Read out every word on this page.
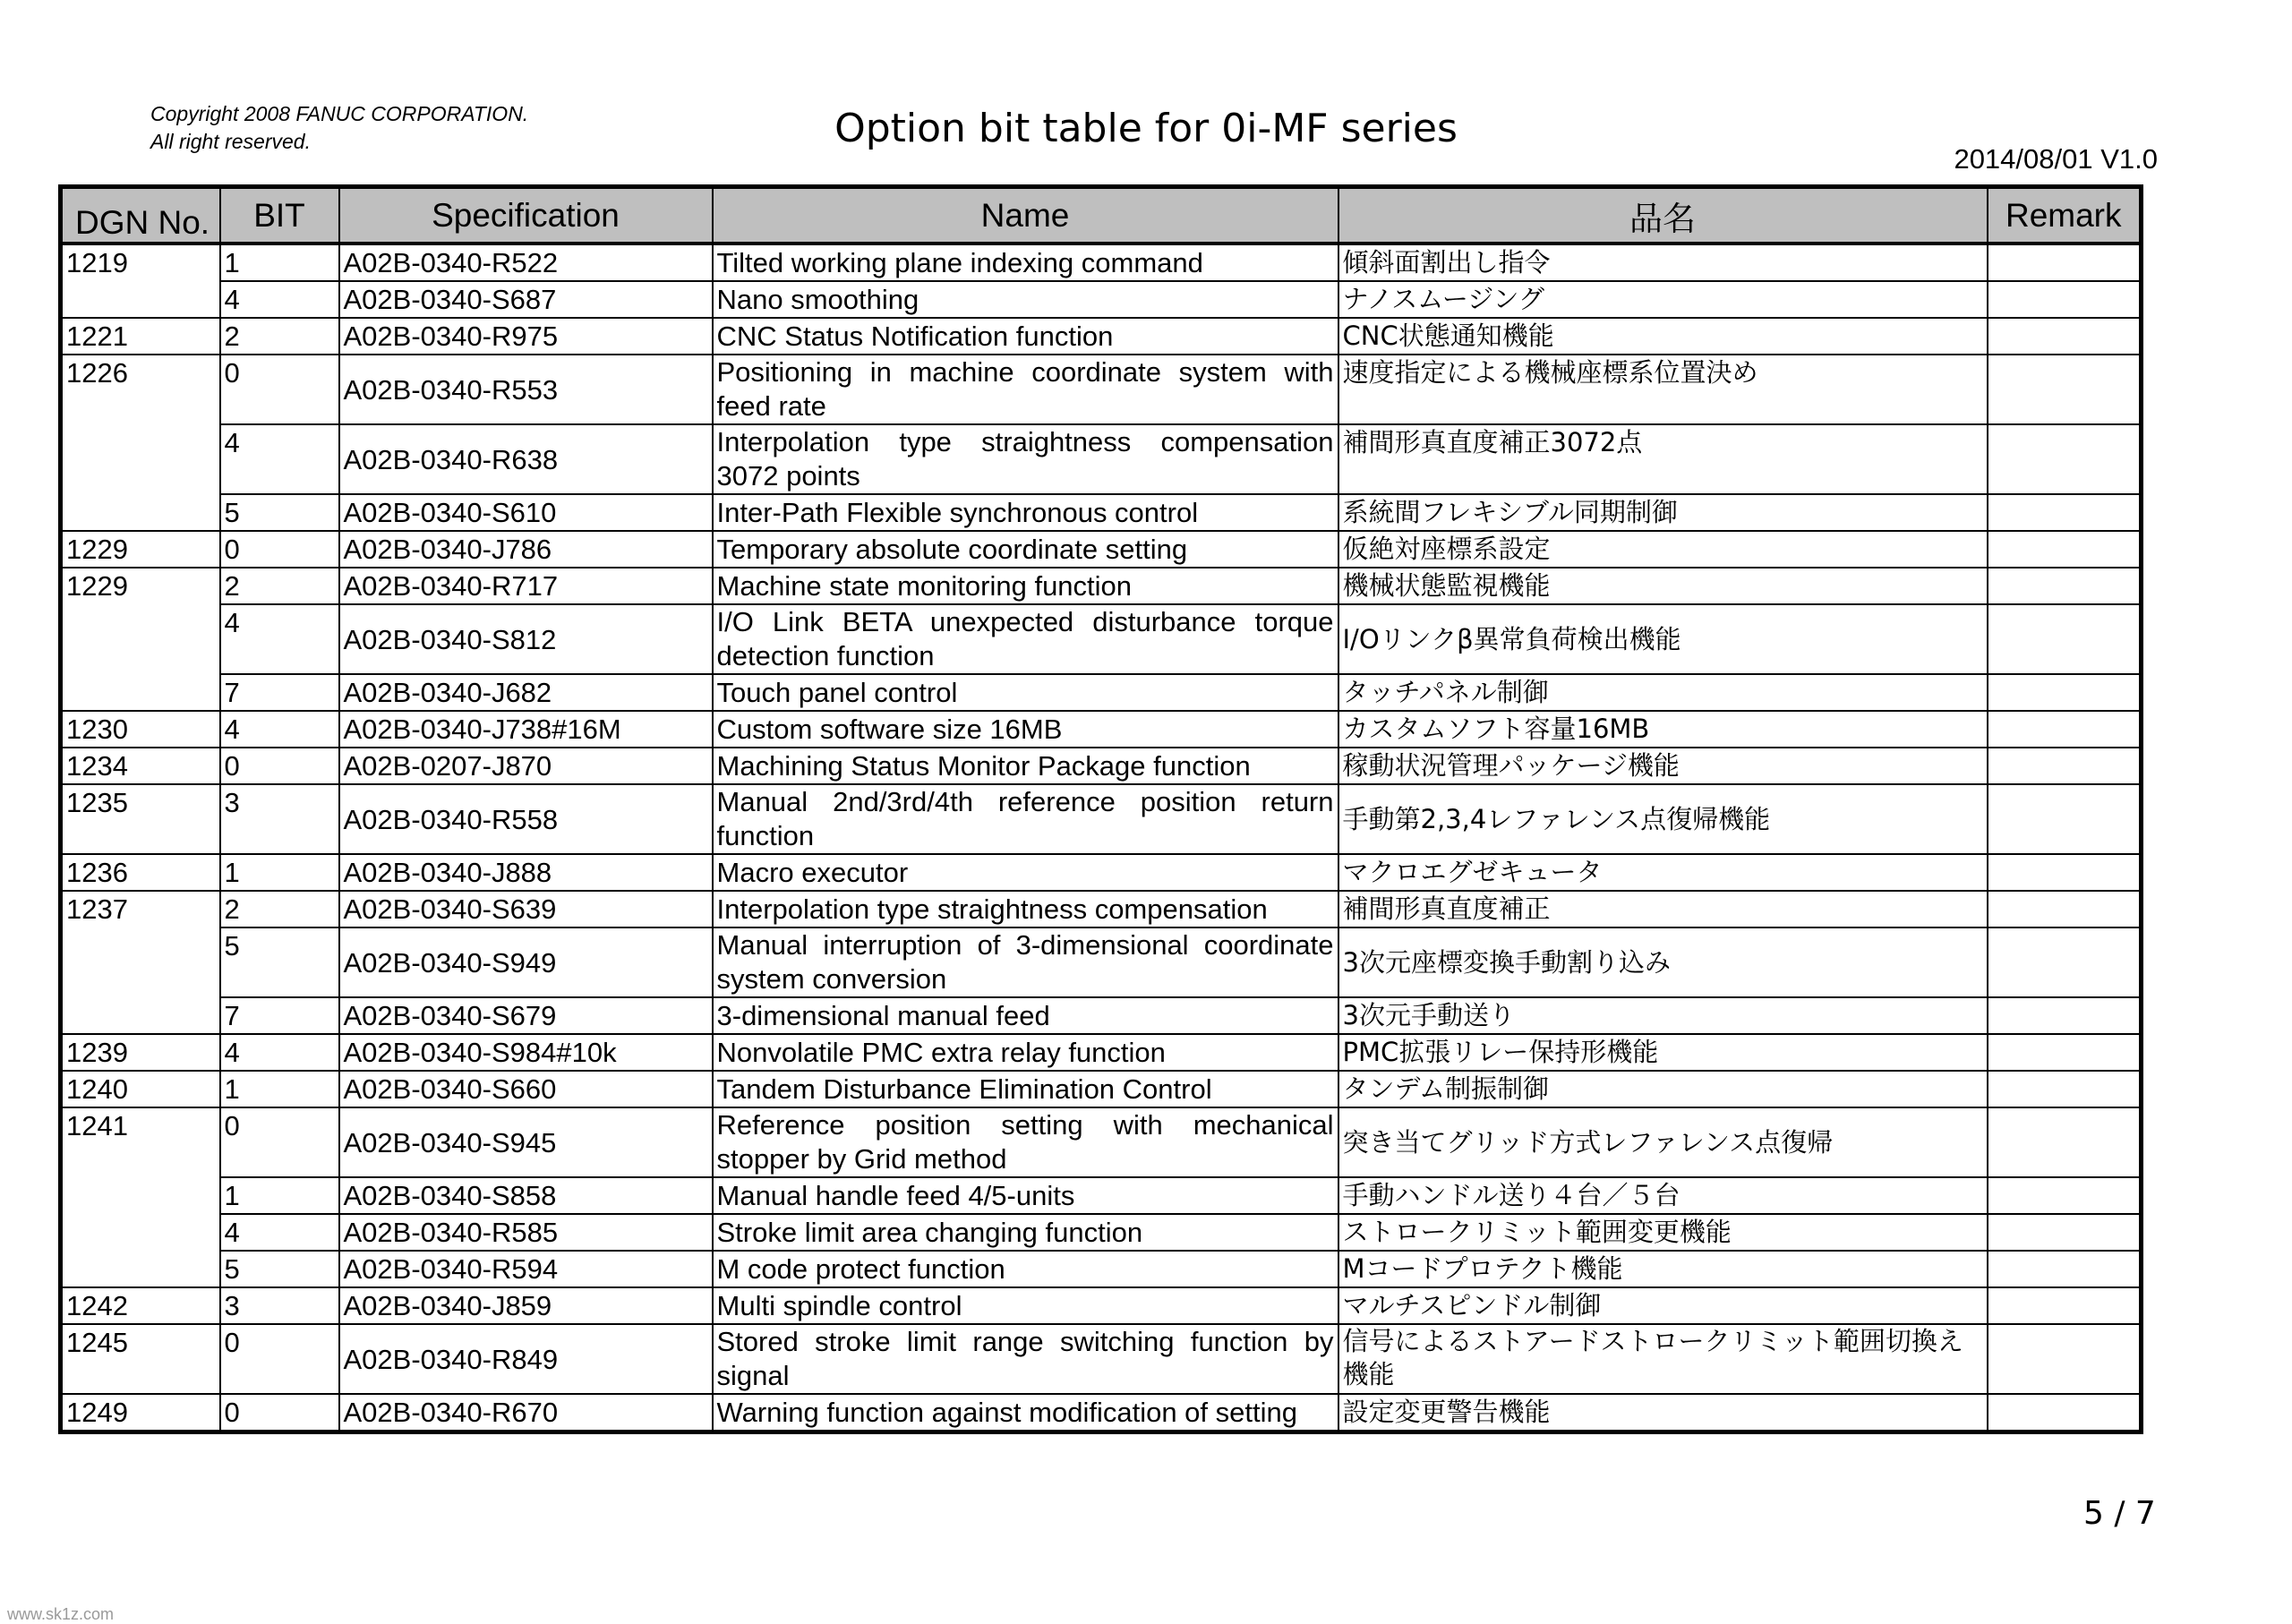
Copyright 2008 FANUC CORPORATION.
All right reserved.	Option bit table for 0i-MF series
2014/08/01 V1.0
DGN No.	BIT	Specification	Name	品名	Remark
1219	1	A02B-0340-R522	Tilted working plane indexing command	傾斜面割出し指令	
	4	A02B-0340-S687	Nano smoothing	ナノスムージング	
1221	2	A02B-0340-R975	CNC Status Notification function	CNC状態通知機能	
1226	0	A02B-0340-R553	Positioning in machine coordinate system with feed rate	速度指定による機械座標系位置決め	
	4	A02B-0340-R638	Interpolation type straightness compensation 3072 points	補間形真直度補正3072点	
	5	A02B-0340-S610	Inter-Path Flexible synchronous control	系統間フレキシブル同期制御	
1229	0	A02B-0340-J786	Temporary absolute coordinate setting	仮絶対座標系設定	
1229	2	A02B-0340-R717	Machine state monitoring function	機械状態監視機能	
	4	A02B-0340-S812	I/O Link BETA unexpected disturbance torque detection function	I/Oリンクβ異常負荷検出機能	
	7	A02B-0340-J682	Touch panel control	タッチパネル制御	
1230	4	A02B-0340-J738#16M	Custom software size 16MB	カスタムソフト容量16MB	
1234	0	A02B-0207-J870	Machining Status Monitor Package function	稼動状況管理パッケージ機能	
1235	3	A02B-0340-R558	Manual 2nd/3rd/4th reference position return function	手動第2,3,4レファレンス点復帰機能	
1236	1	A02B-0340-J888	Macro executor	マクロエグゼキュータ	
1237	2	A02B-0340-S639	Interpolation type straightness compensation	補間形真直度補正	
	5	A02B-0340-S949	Manual interruption of 3-dimensional coordinate system conversion	3次元座標変換手動割り込み	
	7	A02B-0340-S679	3-dimensional manual feed	3次元手動送り	
1239	4	A02B-0340-S984#10k	Nonvolatile PMC extra relay function	PMC拡張リレー保持形機能	
1240	1	A02B-0340-S660	Tandem Disturbance Elimination Control	タンデム制振制御	
1241	0	A02B-0340-S945	Reference position setting with mechanical stopper by Grid method	突き当てグリッド方式レファレンス点復帰	
	1	A02B-0340-S858	Manual handle feed 4/5-units	手動ハンドル送り４台／５台	
	4	A02B-0340-R585	Stroke limit area changing function	ストロークリミット範囲変更機能	
	5	A02B-0340-R594	M code protect function	Mコードプロテクト機能	
1242	3	A02B-0340-J859	Multi spindle control	マルチスピンドル制御	
1245	0	A02B-0340-R849	Stored stroke limit range switching function by signal	信号によるストアードストロークリミット範囲切換え機能	
1249	0	A02B-0340-R670	Warning function against modification of setting	設定変更警告機能	
5 / 7
www.sk1z.com
